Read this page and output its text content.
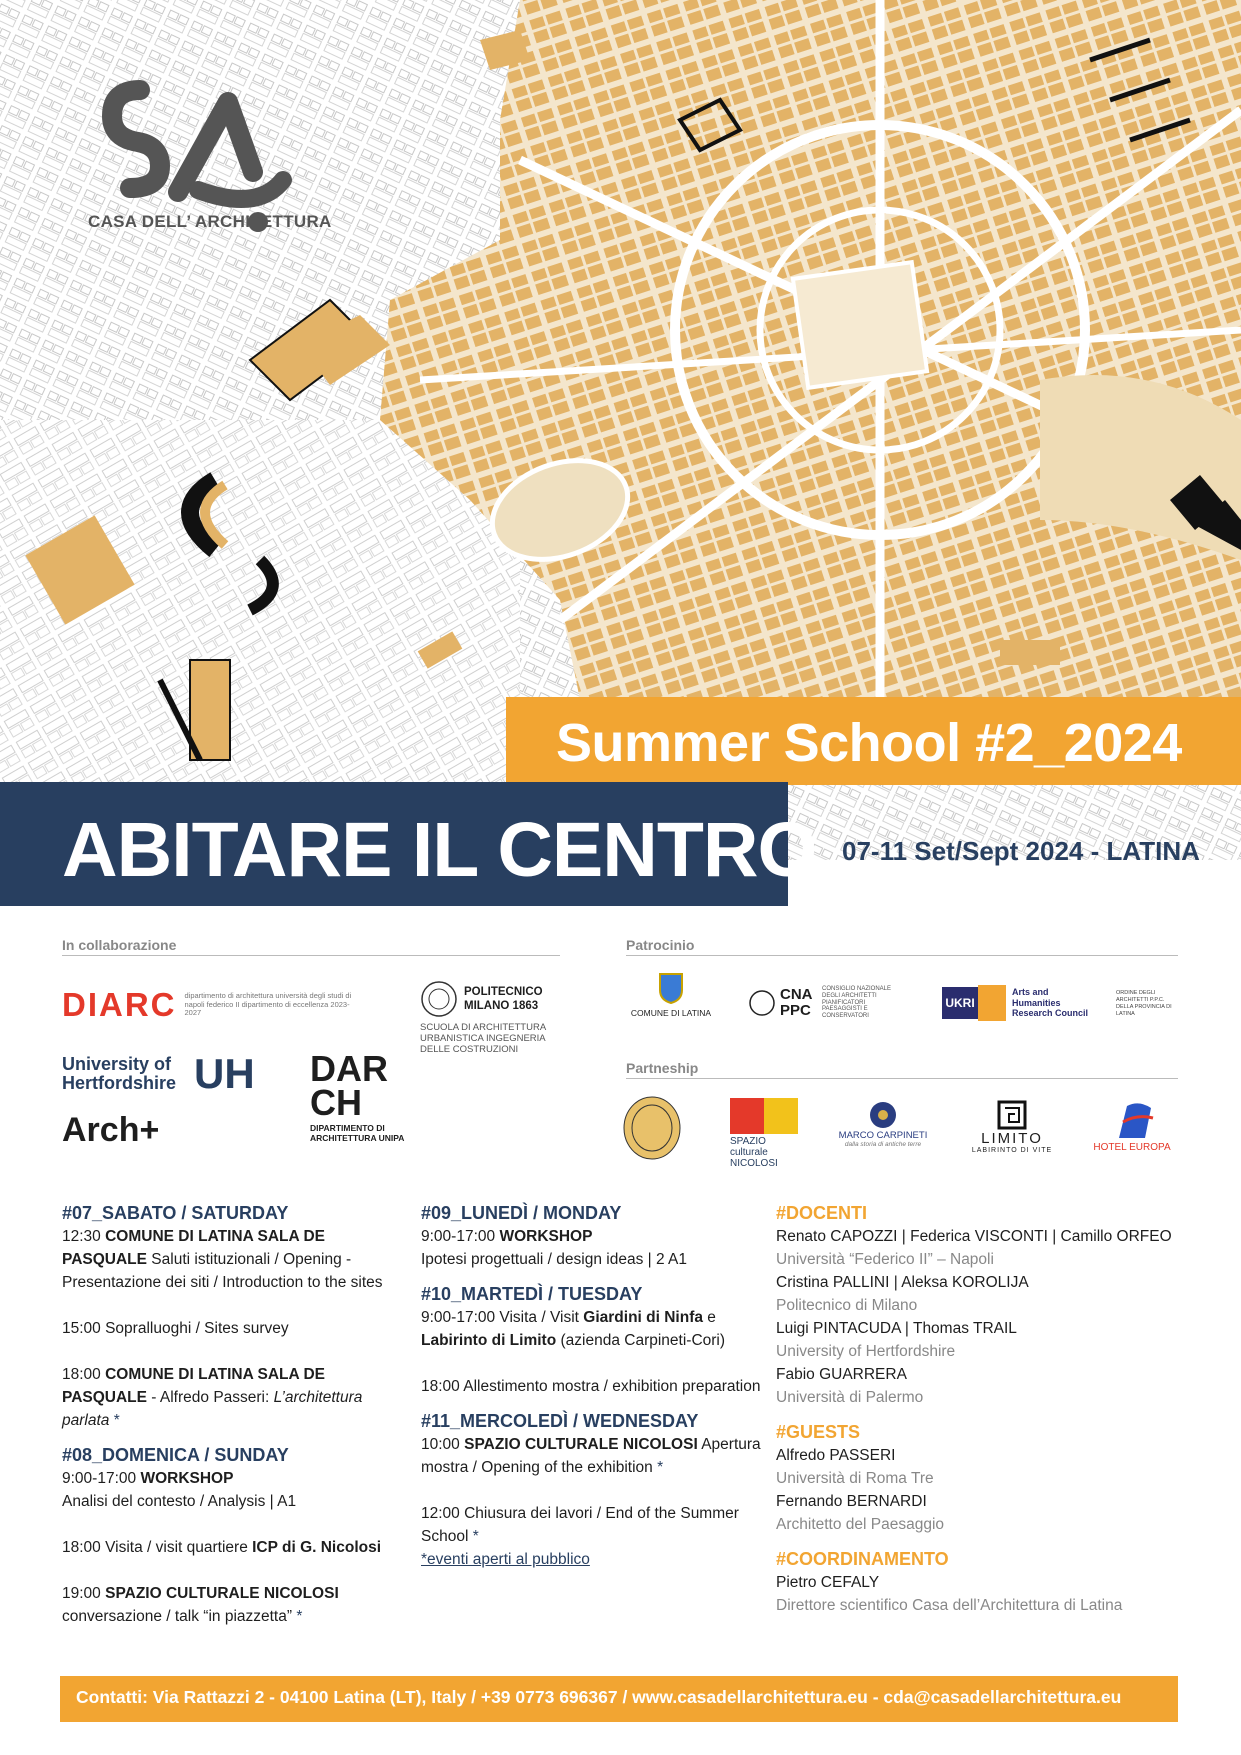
CASA DELL’ ARCHITETTURA
Summer School #2_2024
ABITARE IL CENTRO 07-11 Set/Sept 2024 - LATINA
In collaborazione
DIARC dipartimento di architettura università degli studi di napoli federico II dipartimento di eccellenza 2023-2027
POLITECNICO MILANO 1863
SCUOLA DI ARCHITETTURA URBANISTICA INGEGNERIA DELLE COSTRUZIONI
University of Hertfordshire UH DARCH
DIPARTIMENTO DI ARCHITETTURA UNIPA
Arch+
Patrocinio
COMUNE DI LATINA
CNA PPC
CONSIGLIO NAZIONALE DEGLI ARCHITETTI PIANIFICATORI PAESAGGISTI E CONSERVATORI
UKRI
Arts and Humanities Research Council
ORDINE DEGLI ARCHITETTI P.P.C. DELLA PROVINCIA DI LATINA
Partneship
SPAZIO culturale NICOLOSI
MARCO CARPINETI
dalla storia di antiche terre	LIMITO
LABIRINTO DI VITE	HOTEL EUROPA

#07_SABATO / SATURDAY

12:30 COMUNE DI LATINA SALA DE PASQUALE Saluti istituzionali / Opening - Presentazione dei siti / Introduction to the sites

15:00 Sopralluoghi / Sites survey

18:00 COMUNE DI LATINA SALA DE PASQUALE - Alfredo Passeri: L’architettura parlata *

#08_DOMENICA / SUNDAY

9:00-17:00 WORKSHOP

Analisi del contesto / Analysis | A1

18:00 Visita / visit quartiere ICP di G. Nicolosi

19:00 SPAZIO CULTURALE NICOLOSI conversazione / talk “in piazzetta” *

#09_LUNEDÌ / MONDAY

9:00-17:00 WORKSHOP

Ipotesi progettuali / design ideas | 2 A1

#10_MARTEDÌ / TUESDAY

9:00-17:00 Visita / Visit Giardini di Ninfa e Labirinto di Limito (azienda Carpineti-Cori)

18:00 Allestimento mostra / exhibition preparation

#11_MERCOLEDÌ / WEDNESDAY

10:00 SPAZIO CULTURALE NICOLOSI Apertura mostra / Opening of the exhibition *

12:00 Chiusura dei lavori / End of the Summer School *

*eventi aperti al pubblico

#DOCENTI

Renato CAPOZZI | Federica VISCONTI | Camillo ORFEO

Università “Federico II” – Napoli

Cristina PALLINI | Aleksa KOROLIJA

Politecnico di Milano

Luigi PINTACUDA | Thomas TRAIL

University of Hertfordshire

Fabio GUARRERA

Università di Palermo

#GUESTS

Alfredo PASSERI

Università di Roma Tre

Fernando BERNARDI

Architetto del Paesaggio

#COORDINAMENTO

Pietro CEFALY

Direttore scientifico Casa dell’Architettura di Latina

Contatti: Via Rattazzi 2 - 04100 Latina (LT), Italy / +39 0773 696367 / www.casadellarchitettura.eu - cda@casadellarchitettura.eu
